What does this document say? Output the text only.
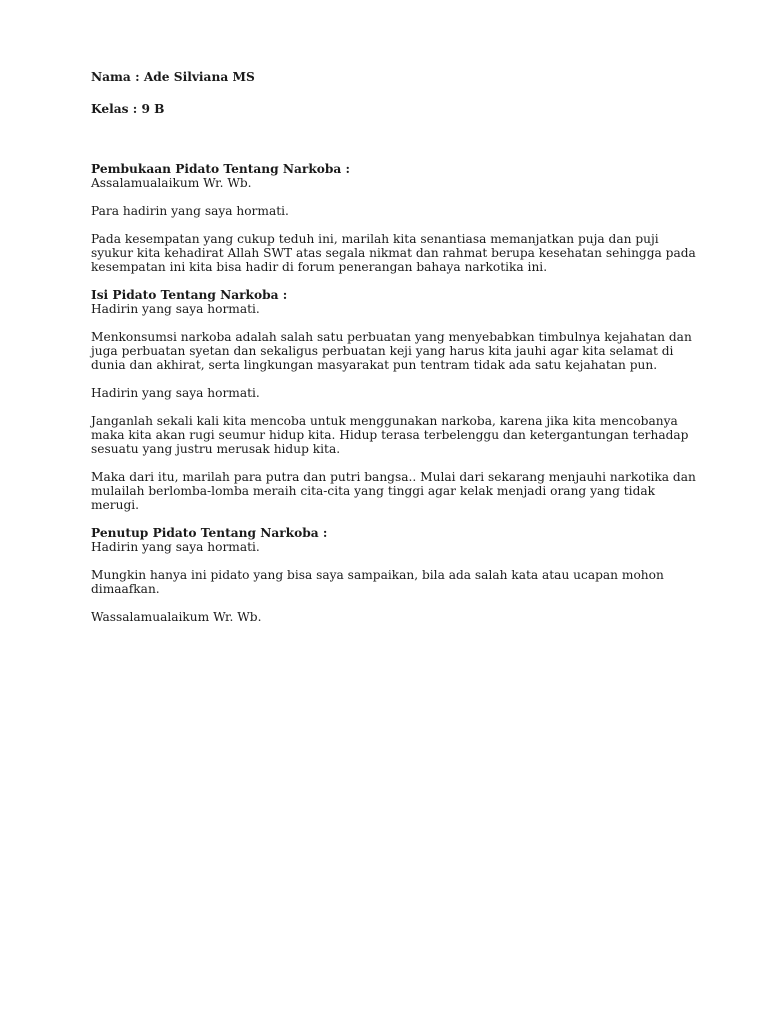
Nama : Ade Silviana MS
Kelas : 9 B
Pembukaan Pidato Tentang Narkoba :
Assalamualaikum Wr. Wb.
Para hadirin yang saya hormati.
Pada kesempatan yang cukup teduh ini, marilah kita senantiasa memanjatkan puja dan puji
syukur kita kehadirat Allah SWT atas segala nikmat dan rahmat berupa kesehatan sehingga pada
kesempatan ini kita bisa hadir di forum penerangan bahaya narkotika ini.
Isi Pidato Tentang Narkoba :
Hadirin yang saya hormati.
Menkonsumsi narkoba adalah salah satu perbuatan yang menyebabkan timbulnya kejahatan dan
juga perbuatan syetan dan sekaligus perbuatan keji yang harus kita jauhi agar kita selamat di
dunia dan akhirat, serta lingkungan masyarakat pun tentram tidak ada satu kejahatan pun.
Hadirin yang saya hormati.
Janganlah sekali kali kita mencoba untuk menggunakan narkoba, karena jika kita mencobanya
maka kita akan rugi seumur hidup kita. Hidup terasa terbelenggu dan ketergantungan terhadap
sesuatu yang justru merusak hidup kita.
Maka dari itu, marilah para putra dan putri bangsa.. Mulai dari sekarang menjauhi narkotika dan
mulailah berlomba-lomba meraih cita-cita yang tinggi agar kelak menjadi orang yang tidak
merugi.
Penutup Pidato Tentang Narkoba :
Hadirin yang saya hormati.
Mungkin hanya ini pidato yang bisa saya sampaikan, bila ada salah kata atau ucapan mohon
dimaafkan.
Wassalamualaikum Wr. Wb.
